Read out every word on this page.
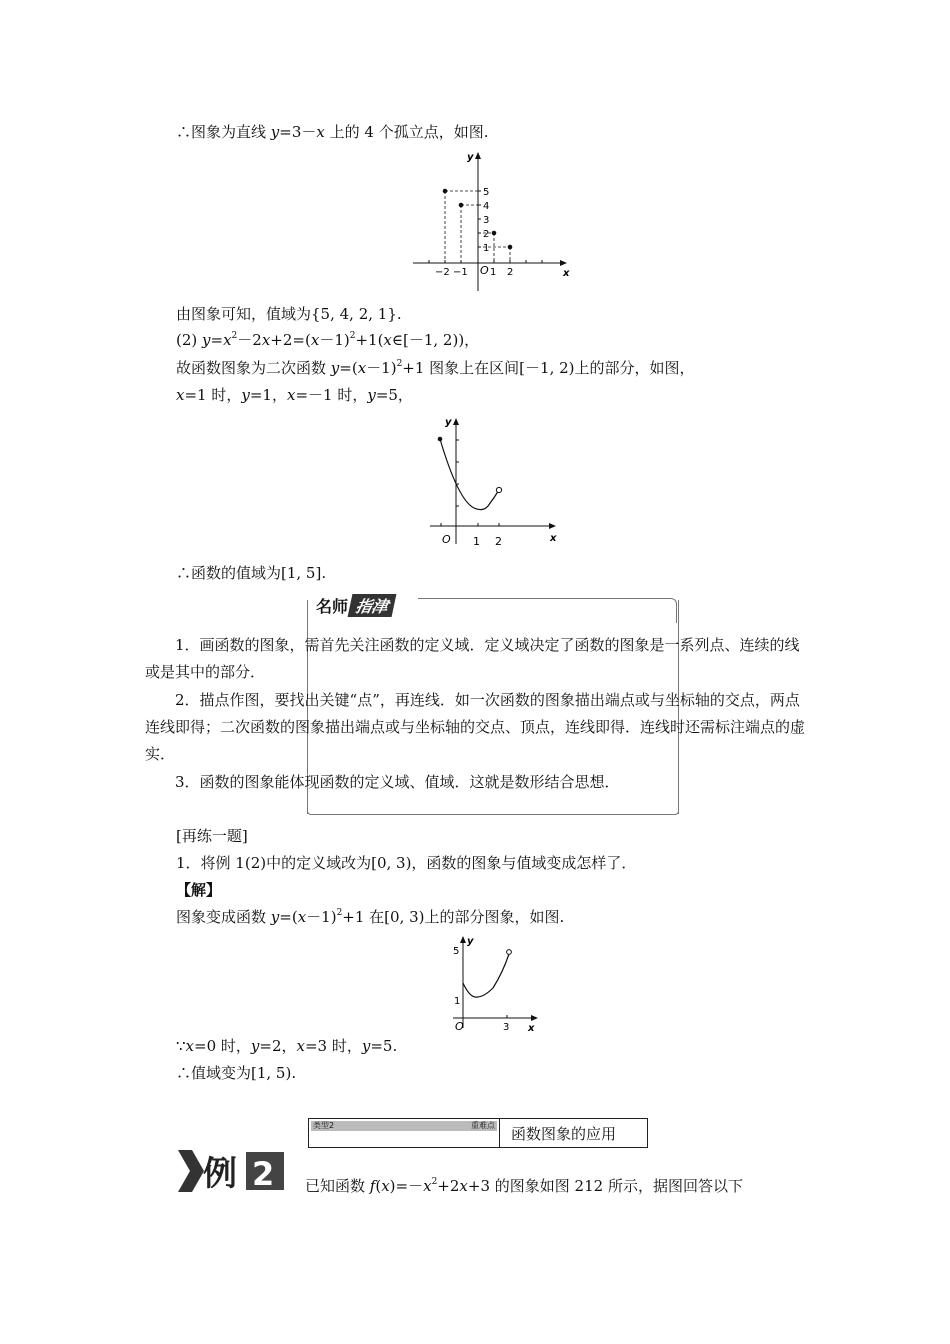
∴图象为直线 y=3－x 上的 4 个孤立点，如图.
y
x
O
−2 −1 1 2
5
4
3
2
1
由图象可知，值域为{5, 4, 2, 1}.
(2) $y=x^2-2x+2=(x-1)^2+1(x\in[-1$, 2))，
故函数图象为二次函数 $y=(x-1)^2+1$ 图象上在区间[－1, 2)上的部分，如图，
x=1 时，y=1，x=－1 时，y=5，
y
x
O 1 2
∴函数的值域为[1, 5].
名师 指津
1．画函数的图象，需首先关注函数的定义域．定义域决定了函数的图象是一系列点、连续的线或是其中的部分．
2．描点作图，要找出关键“点”，再连线．如一次函数的图象描出端点或与坐标轴的交点，两点连线即得；二次函数的图象描出端点或与坐标轴的交点、顶点，连线即得．连线时还需标注端点的虚实．
3．函数的图象能体现函数的定义域、值域．这就是数形结合思想．
[再练一题]
1．将例 1(2)中的定义域改为[0, 3)，函数的图象与值域变成怎样了．
【解】
图象变成函数 $y=(x-1)^2+1$ 在[0, 3)上的部分图象，如图.
y
x
O	3
5
1
∵x=0 时，y=2，x=3 时，y=5.
∴值域变为[1, 5).
类型2	重难点 函数图象的应用
例 2 已知函数 $f(x)=-x^2+2x+3$ 的图象如图 212 所示，据图回答以下
